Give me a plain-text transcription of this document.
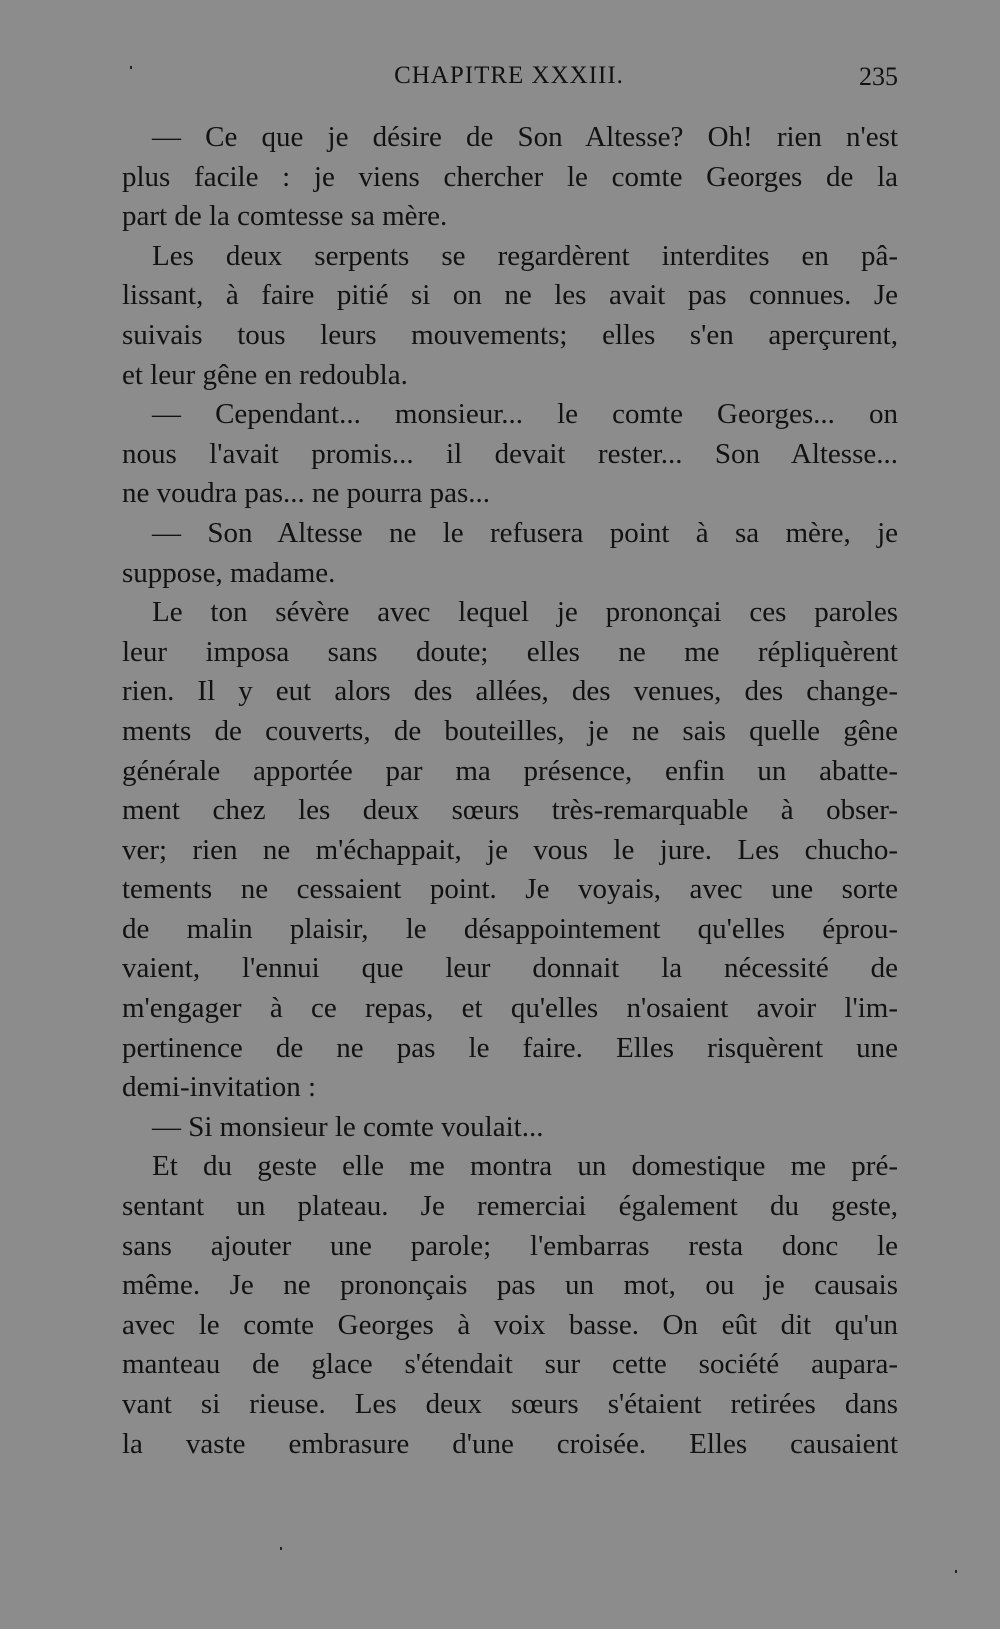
CHAPITRE XXXIII.	235
— Ce que je désire de Son Altesse? Oh! rien n'est
plus facile : je viens chercher le comte Georges de la
part de la comtesse sa mère.
Les deux serpents se regardèrent interdites en pâ-
lissant, à faire pitié si on ne les avait pas connues. Je
suivais tous leurs mouvements; elles s'en aperçurent,
et leur gêne en redoubla.
— Cependant... monsieur... le comte Georges... on
nous l'avait promis... il devait rester... Son Altesse...
ne voudra pas... ne pourra pas...
— Son Altesse ne le refusera point à sa mère, je
suppose, madame.
Le ton sévère avec lequel je prononçai ces paroles
leur imposa sans doute; elles ne me répliquèrent
rien. Il y eut alors des allées, des venues, des change-
ments de couverts, de bouteilles, je ne sais quelle gêne
générale apportée par ma présence, enfin un abatte-
ment chez les deux sœurs très-remarquable à obser-
ver; rien ne m'échappait, je vous le jure. Les chucho-
tements ne cessaient point. Je voyais, avec une sorte
de malin plaisir, le désappointement qu'elles éprou-
vaient, l'ennui que leur donnait la nécessité de
m'engager à ce repas, et qu'elles n'osaient avoir l'im-
pertinence de ne pas le faire. Elles risquèrent une
demi-invitation :
— Si monsieur le comte voulait...
Et du geste elle me montra un domestique me pré-
sentant un plateau. Je remerciai également du geste,
sans ajouter une parole; l'embarras resta donc le
même. Je ne prononçais pas un mot, ou je causais
avec le comte Georges à voix basse. On eût dit qu'un
manteau de glace s'étendait sur cette société aupara-
vant si rieuse. Les deux sœurs s'étaient retirées dans
la vaste embrasure d'une croisée. Elles causaient
